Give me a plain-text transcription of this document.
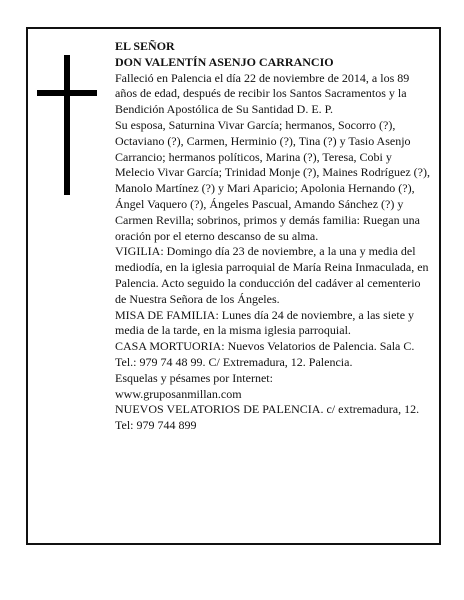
EL SEÑOR

DON VALENTÍN ASENJO CARRANCIO

Falleció en Palencia el día 22 de noviembre de 2014, a los 89 años de edad, después de recibir los Santos Sacramentos y la Bendición Apostólica de Su Santidad D. E. P.

Su esposa, Saturnina Vivar García; hermanos, Socorro (?), Octaviano (?), Carmen, Herminio (?), Tina (?) y Tasio Asenjo Carrancio; hermanos políticos, Marina (?), Teresa, Cobi y Melecio Vivar García; Trinidad Monje (?), Maines Rodríguez (?), Manolo Martínez (?) y Mari Aparicio; Apolonia Hernando (?), Ángel Vaquero (?), Ángeles Pascual, Amando Sánchez (?) y Carmen Revilla; sobrinos, primos y demás familia: Ruegan una oración por el eterno descanso de su alma.

VIGILIA: Domingo día 23 de noviembre, a la una y media del mediodía, en la iglesia parroquial de María Reina Inmaculada, en Palencia. Acto seguido la conducción del cadáver al cementerio de Nuestra Señora de los Ángeles.

MISA DE FAMILIA: Lunes día 24 de noviembre, a las siete y media de la tarde, en la misma iglesia parroquial.

CASA MORTUORIA: Nuevos Velatorios de Palencia. Sala C. Tel.: 979 74 48 99. C/ Extremadura, 12. Palencia.

Esquelas y pésames por Internet:

www.gruposanmillan.com

NUEVOS VELATORIOS DE PALENCIA. c/ extremadura, 12. Tel: 979 744 899
